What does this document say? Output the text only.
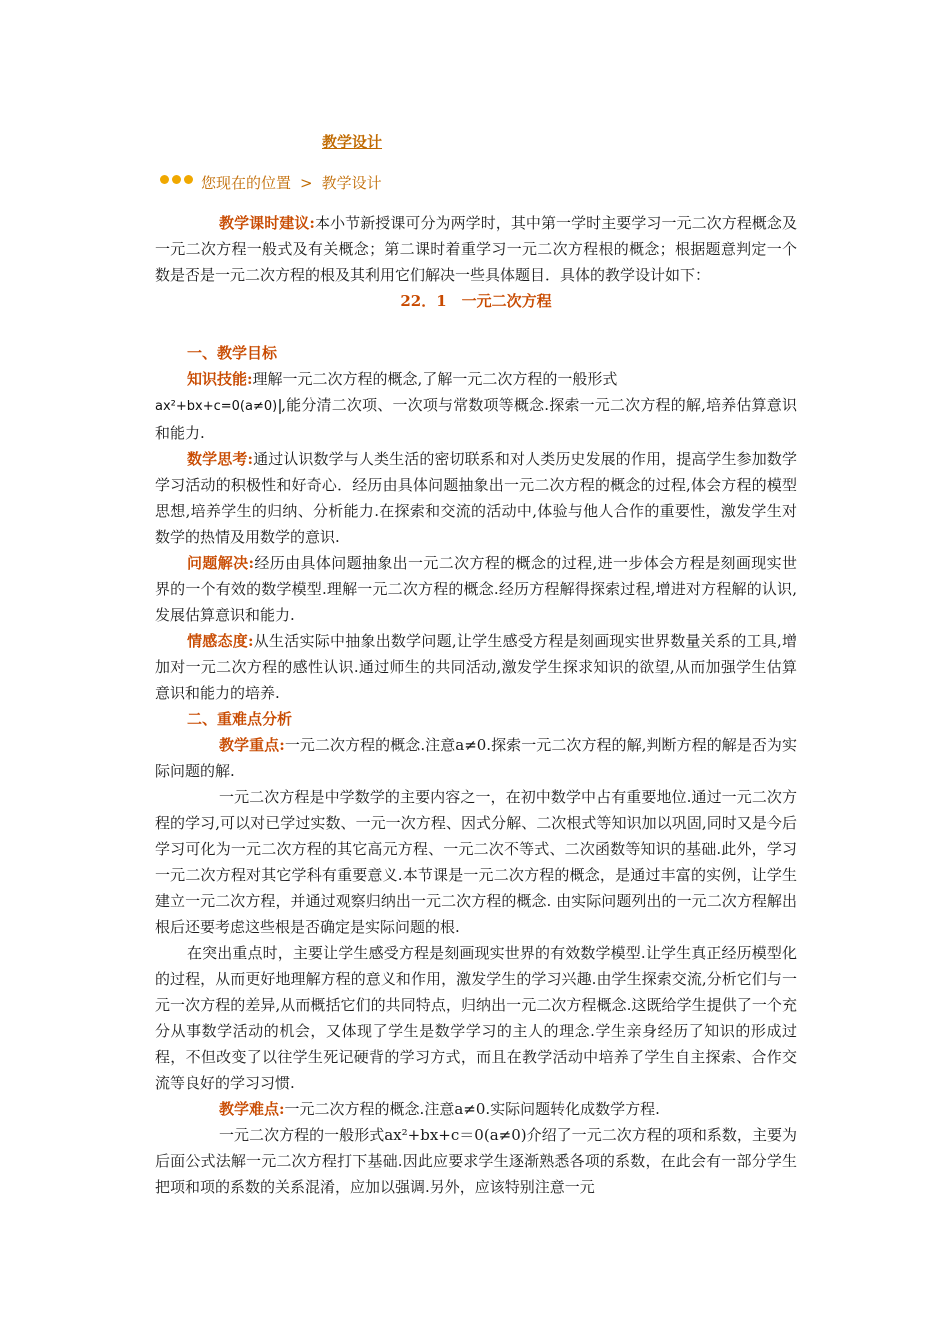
教学设计
您现在的位置 > 教学设计

教学课时建议:本小节新授课可分为两学时，其中第一学时主要学习一元二次方程概念及一元二次方程一般式及有关概念；第二课时着重学习一元二次方程根的概念；根据题意判定一个数是否是一元二次方程的根及其利用它们解决一些具体题目．具体的教学设计如下：

22．1　一元二次方程

一、教学目标

知识技能:理解一元二次方程的概念,了解一元二次方程的一般形式
ax²+bx+c=0(a≠0) ,能分清二次项、一次项与常数项等概念.探索一元二次方程的解,培养估算意识和能力.

数学思考:通过认识数学与人类生活的密切联系和对人类历史发展的作用，提高学生参加数学学习活动的积极性和好奇心．经历由具体问题抽象出一元二次方程的概念的过程,体会方程的模型思想,培养学生的归纳、分析能力.在探索和交流的活动中,体验与他人合作的重要性，激发学生对数学的热情及用数学的意识.

问题解决:经历由具体问题抽象出一元二次方程的概念的过程,进一步体会方程是刻画现实世界的一个有效的数学模型.理解一元二次方程的概念.经历方程解得探索过程,增进对方程解的认识,发展估算意识和能力.

情感态度:从生活实际中抽象出数学问题,让学生感受方程是刻画现实世界数量关系的工具,增加对一元二次方程的感性认识.通过师生的共同活动,激发学生探求知识的欲望,从而加强学生估算意识和能力的培养.

二、重难点分析

教学重点:一元二次方程的概念.注意a≠0.探索一元二次方程的解,判断方程的解是否为实际问题的解.

一元二次方程是中学数学的主要内容之一，在初中数学中占有重要地位.通过一元二次方程的学习,可以对已学过实数、一元一次方程、因式分解、二次根式等知识加以巩固,同时又是今后学习可化为一元二次方程的其它高元方程、一元二次不等式、二次函数等知识的基础.此外，学习一元二次方程对其它学科有重要意义.本节课是一元二次方程的概念，是通过丰富的实例，让学生建立一元二次方程，并通过观察归纳出一元二次方程的概念. 由实际问题列出的一元二次方程解出根后还要考虑这些根是否确定是实际问题的根.

在突出重点时，主要让学生感受方程是刻画现实世界的有效数学模型.让学生真正经历模型化的过程，从而更好地理解方程的意义和作用，激发学生的学习兴趣.由学生探索交流,分析它们与一元一次方程的差异,从而概括它们的共同特点，归纳出一元二次方程概念.这既给学生提供了一个充分从事数学活动的机会，又体现了学生是数学学习的主人的理念.学生亲身经历了知识的形成过程，不但改变了以往学生死记硬背的学习方式，而且在教学活动中培养了学生自主探索、合作交流等良好的学习习惯.

教学难点:一元二次方程的概念.注意a≠0.实际问题转化成数学方程.

一元二次方程的一般形式ax²+bx+c＝0(a≠0)介绍了一元二次方程的项和系数，主要为后面公式法解一元二次方程打下基础.因此应要求学生逐渐熟悉各项的系数，在此会有一部分学生把项和项的系数的关系混淆，应加以强调.另外，应该特别注意一元
